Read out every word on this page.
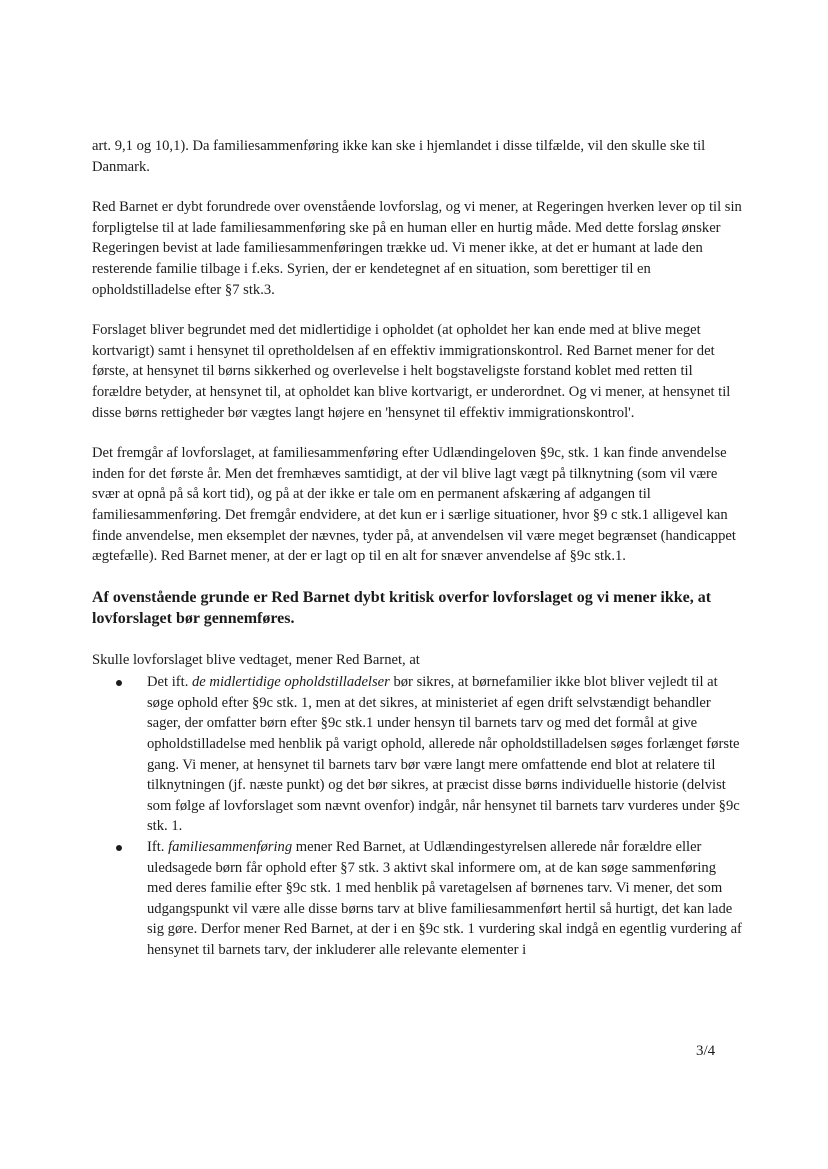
art. 9,1 og 10,1). Da familiesammenføring ikke kan ske i hjemlandet i disse tilfælde, vil den skulle ske til Danmark.

Red Barnet er dybt forundrede over ovenstående lovforslag, og vi mener, at Regeringen hverken lever op til sin forpligtelse til at lade familiesammenføring ske på en human eller en hurtig måde. Med dette forslag ønsker Regeringen bevist at lade familiesammenføringen trække ud. Vi mener ikke, at det er humant at lade den resterende familie tilbage i f.eks. Syrien, der er kendetegnet af en situation, som berettiger til en opholdstilladelse efter §7 stk.3.

Forslaget bliver begrundet med det midlertidige i opholdet (at opholdet her kan ende med at blive meget kortvarigt) samt i hensynet til opretholdelsen af en effektiv immigrationskontrol. Red Barnet mener for det første, at hensynet til børns sikkerhed og overlevelse i helt bogstaveligste forstand koblet med retten til forældre betyder, at hensynet til, at opholdet kan blive kortvarigt, er underordnet. Og vi mener, at hensynet til disse børns rettigheder bør vægtes langt højere en 'hensynet til effektiv immigrationskontrol'.

Det fremgår af lovforslaget, at familiesammenføring efter Udlændingeloven §9c, stk. 1 kan finde anvendelse inden for det første år. Men det fremhæves samtidigt, at der vil blive lagt vægt på tilknytning (som vil være svær at opnå på så kort tid), og på at der ikke er tale om en permanent afskæring af adgangen til familiesammenføring. Det fremgår endvidere, at det kun er i særlige situationer, hvor §9 c stk.1 alligevel kan finde anvendelse, men eksemplet der nævnes, tyder på, at anvendelsen vil være meget begrænset (handicappet ægtefælle). Red Barnet mener, at der er lagt op til en alt for snæver anvendelse af §9c stk.1.

Af ovenstående grunde er Red Barnet dybt kritisk overfor lovforslaget og vi mener ikke, at lovforslaget bør gennemføres.

Skulle lovforslaget blive vedtaget, mener Red Barnet, at

Det ift. de midlertidige opholdstilladelser bør sikres, at børnefamilier ikke blot bliver vejledt til at søge ophold efter §9c stk. 1, men at det sikres, at ministeriet af egen drift selvstændigt behandler sager, der omfatter børn efter §9c stk.1 under hensyn til barnets tarv og med det formål at give opholdstilladelse med henblik på varigt ophold, allerede når opholdstilladelsen søges forlænget første gang. Vi mener, at hensynet til barnets tarv bør være langt mere omfattende end blot at relatere til tilknytningen (jf. næste punkt) og det bør sikres, at præcist disse børns individuelle historie (delvist som følge af lovforslaget som nævnt ovenfor) indgår, når hensynet til barnets tarv vurderes under §9c stk. 1.
Ift. familiesammenføring mener Red Barnet, at Udlændingestyrelsen allerede når forældre eller uledsagede børn får ophold efter §7 stk. 3 aktivt skal informere om, at de kan søge sammenføring med deres familie efter §9c stk. 1 med henblik på varetagelsen af børnenes tarv. Vi mener, det som udgangspunkt vil være alle disse børns tarv at blive familiesammenført hertil så hurtigt, det kan lade sig gøre. Derfor mener Red Barnet, at der i en §9c stk. 1 vurdering skal indgå en egentlig vurdering af hensynet til barnets tarv, der inkluderer alle relevante elementer i
3/4
